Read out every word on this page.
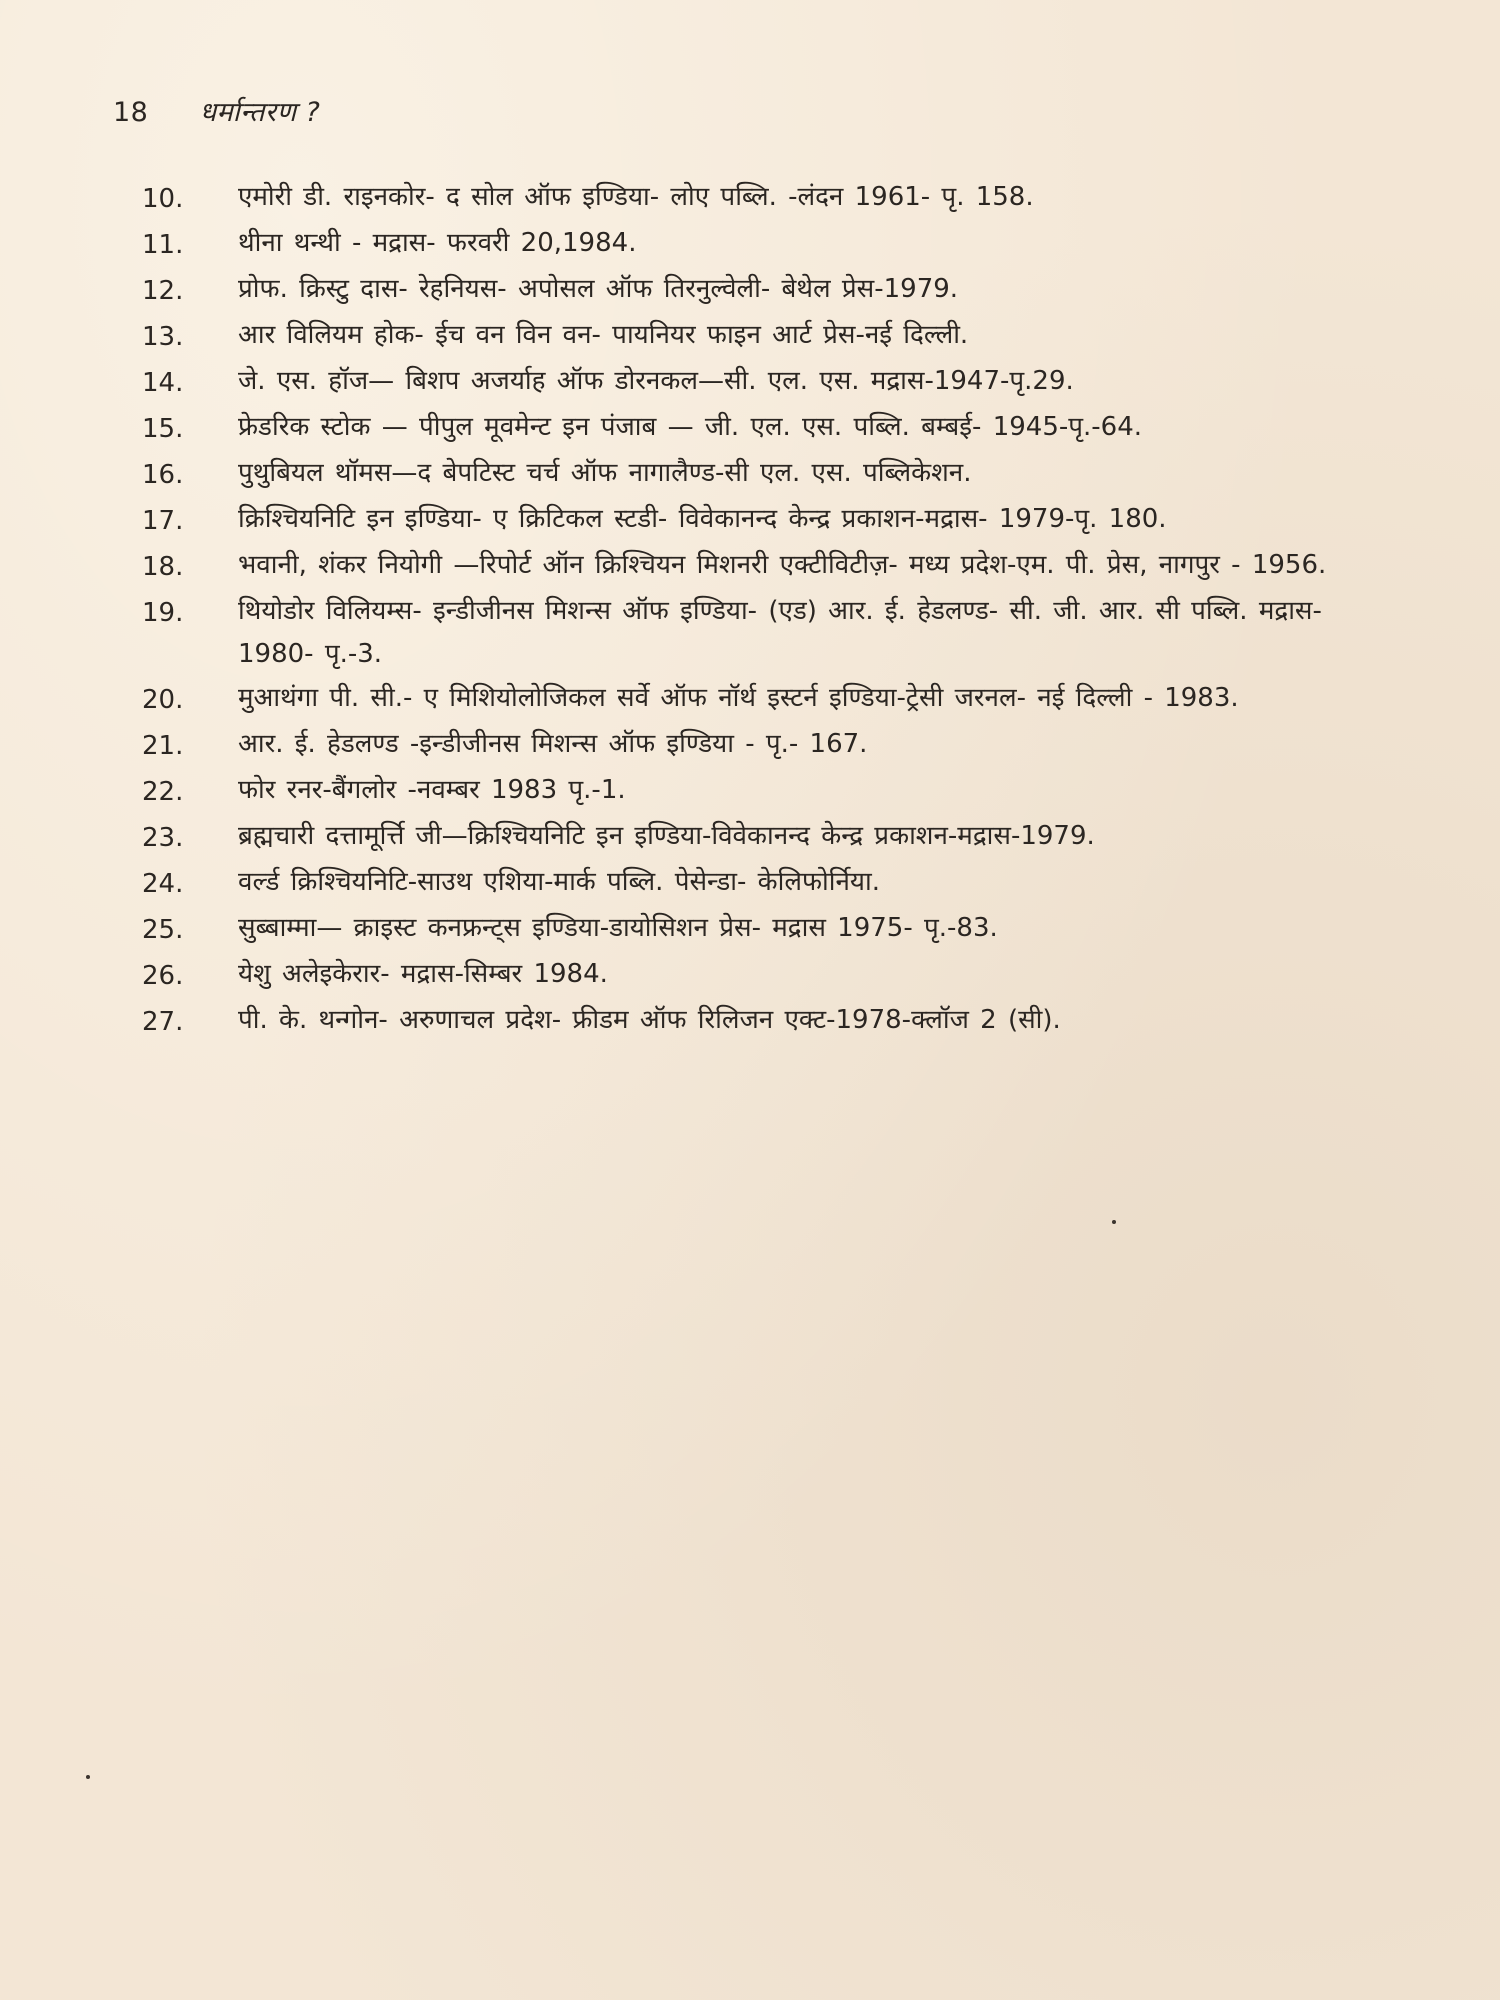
18 धर्मान्तरण ?
10.	एमोरी डी. राइनकोर- द सोल ऑफ इण्डिया- लोए पब्लि. -लंदन 1961- पृ. 158.
11.	थीना थन्थी - मद्रास- फरवरी 20,1984.
12.	प्रोफ. क्रिस्टु दास- रेहनियस- अपोसल ऑफ तिरनुल्वेली- बेथेल प्रेस-1979.
13.	आर विलियम होक- ईच वन विन वन- पायनियर फाइन आर्ट प्रेस-नई दिल्ली.
14.	जे. एस. हॉज— बिशप अजर्याह ऑफ डोरनकल—सी. एल. एस. मद्रास-1947-पृ.29.
15.	फ्रेडरिक स्टोक — पीपुल मूवमेन्ट इन पंजाब — जी. एल. एस. पब्लि. बम्बई- 1945-पृ.-64.
16.	पुथुबियल थॉमस—द बेपटिस्ट चर्च ऑफ नागालैण्ड-सी एल. एस. पब्लिकेशन.
17.	क्रिश्चियनिटि इन इण्डिया- ए क्रिटिकल स्टडी- विवेकानन्द केन्द्र प्रकाशन-मद्रास- 1979-पृ. 180.
18.	भवानी, शंकर नियोगी —रिपोर्ट ऑन क्रिश्चियन मिशनरी एक्टीविटीज़- मध्य प्रदेश-एम. पी. प्रेस, नागपुर - 1956.
19.	थियोडोर विलियम्स- इन्डीजीनस मिशन्स ऑफ इण्डिया- (एड) आर. ई. हेडलण्ड- सी. जी. आर. सी पब्लि. मद्रास- 1980- पृ.-3.
20.	मुआथंगा पी. सी.- ए मिशियोलोजिकल सर्वे ऑफ नॉर्थ इस्टर्न इण्डिया-ट्रेसी जरनल- नई दिल्ली - 1983.
21.	आर. ई. हेडलण्ड -इन्डीजीनस मिशन्स ऑफ इण्डिया - पृ.- 167.
22.	फोर रनर-बैंगलोर -नवम्बर 1983 पृ.-1.
23.	ब्रह्मचारी दत्तामूर्त्ति जी—क्रिश्चियनिटि इन इण्डिया-विवेकानन्द केन्द्र प्रकाशन-मद्रास-1979.
24.	वर्ल्ड क्रिश्चियनिटि-साउथ एशिया-मार्क पब्लि. पेसेन्डा- केलिफोर्निया.
25.	सुब्बाम्मा— क्राइस्ट कनफ्रन्ट्स इण्डिया-डायोसिशन प्रेस- मद्रास 1975- पृ.-83.
26.	येशु अलेइकेरार- मद्रास-सिम्बर 1984.
27.	पी. के. थन्गोन- अरुणाचल प्रदेश- फ्रीडम ऑफ रिलिजन एक्ट-1978-क्लॉज 2 (सी).
